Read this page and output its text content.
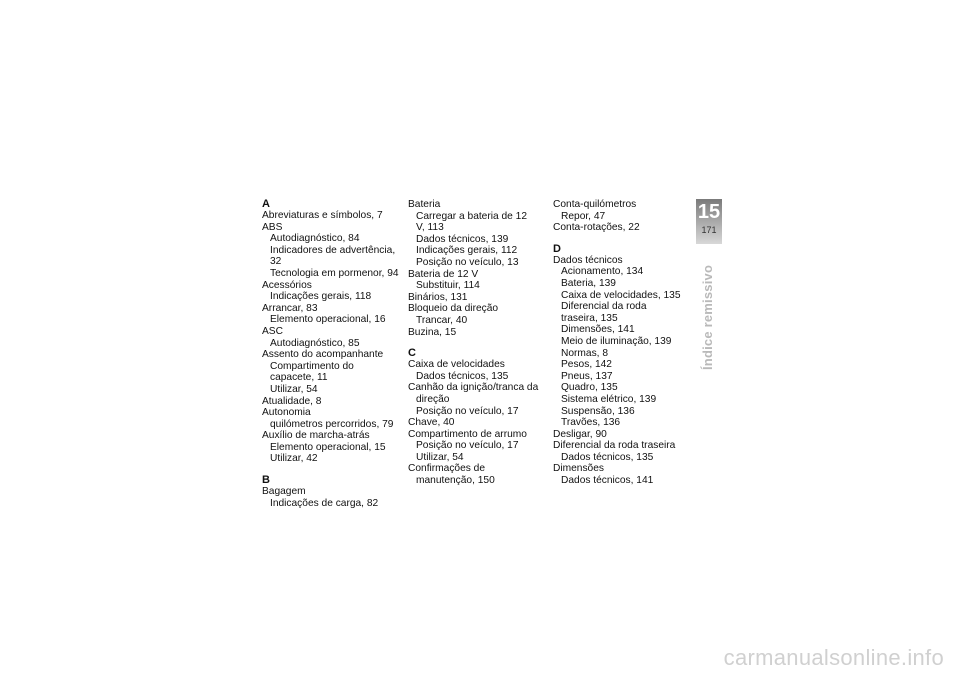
A
Abreviaturas e símbolos, 7
ABS
Autodiagnóstico, 84
Indicadores de advertência, 32
Tecnologia em pormenor, 94
Acessórios
Indicações gerais, 118
Arrancar, 83
Elemento operacional, 16
ASC
Autodiagnóstico, 85
Assento do acompanhante
Compartimento do
capacete, 11
Utilizar, 54
Atualidade, 8
Autonomia
quilómetros percorridos, 79
Auxílio de marcha-atrás
Elemento operacional, 15
Utilizar, 42
B
Bagagem
Indicações de carga, 82
Bateria
Carregar a bateria de 12
V, 113
Dados técnicos, 139
Indicações gerais, 112
Posição no veículo, 13
Bateria de 12 V
Substituir, 114
Binários, 131
Bloqueio da direção
Trancar, 40
Buzina, 15
C
Caixa de velocidades
Dados técnicos, 135
Canhão da ignição/tranca da
direção
Posição no veículo, 17
Chave, 40
Compartimento de arrumo
Posição no veículo, 17
Utilizar, 54
Confirmações de
manutenção, 150
Conta-quilómetros
Repor, 47
Conta-rotações, 22
D
Dados técnicos
Acionamento, 134
Bateria, 139
Caixa de velocidades, 135
Diferencial da roda
traseira, 135
Dimensões, 141
Meio de iluminação, 139
Normas, 8
Pesos, 142
Pneus, 137
Quadro, 135
Sistema elétrico, 139
Suspensão, 136
Travões, 136
Desligar, 90
Diferencial da roda traseira
Dados técnicos, 135
Dimensões
Dados técnicos, 141
15
171
Índice remissivo
carmanualsonline.info
